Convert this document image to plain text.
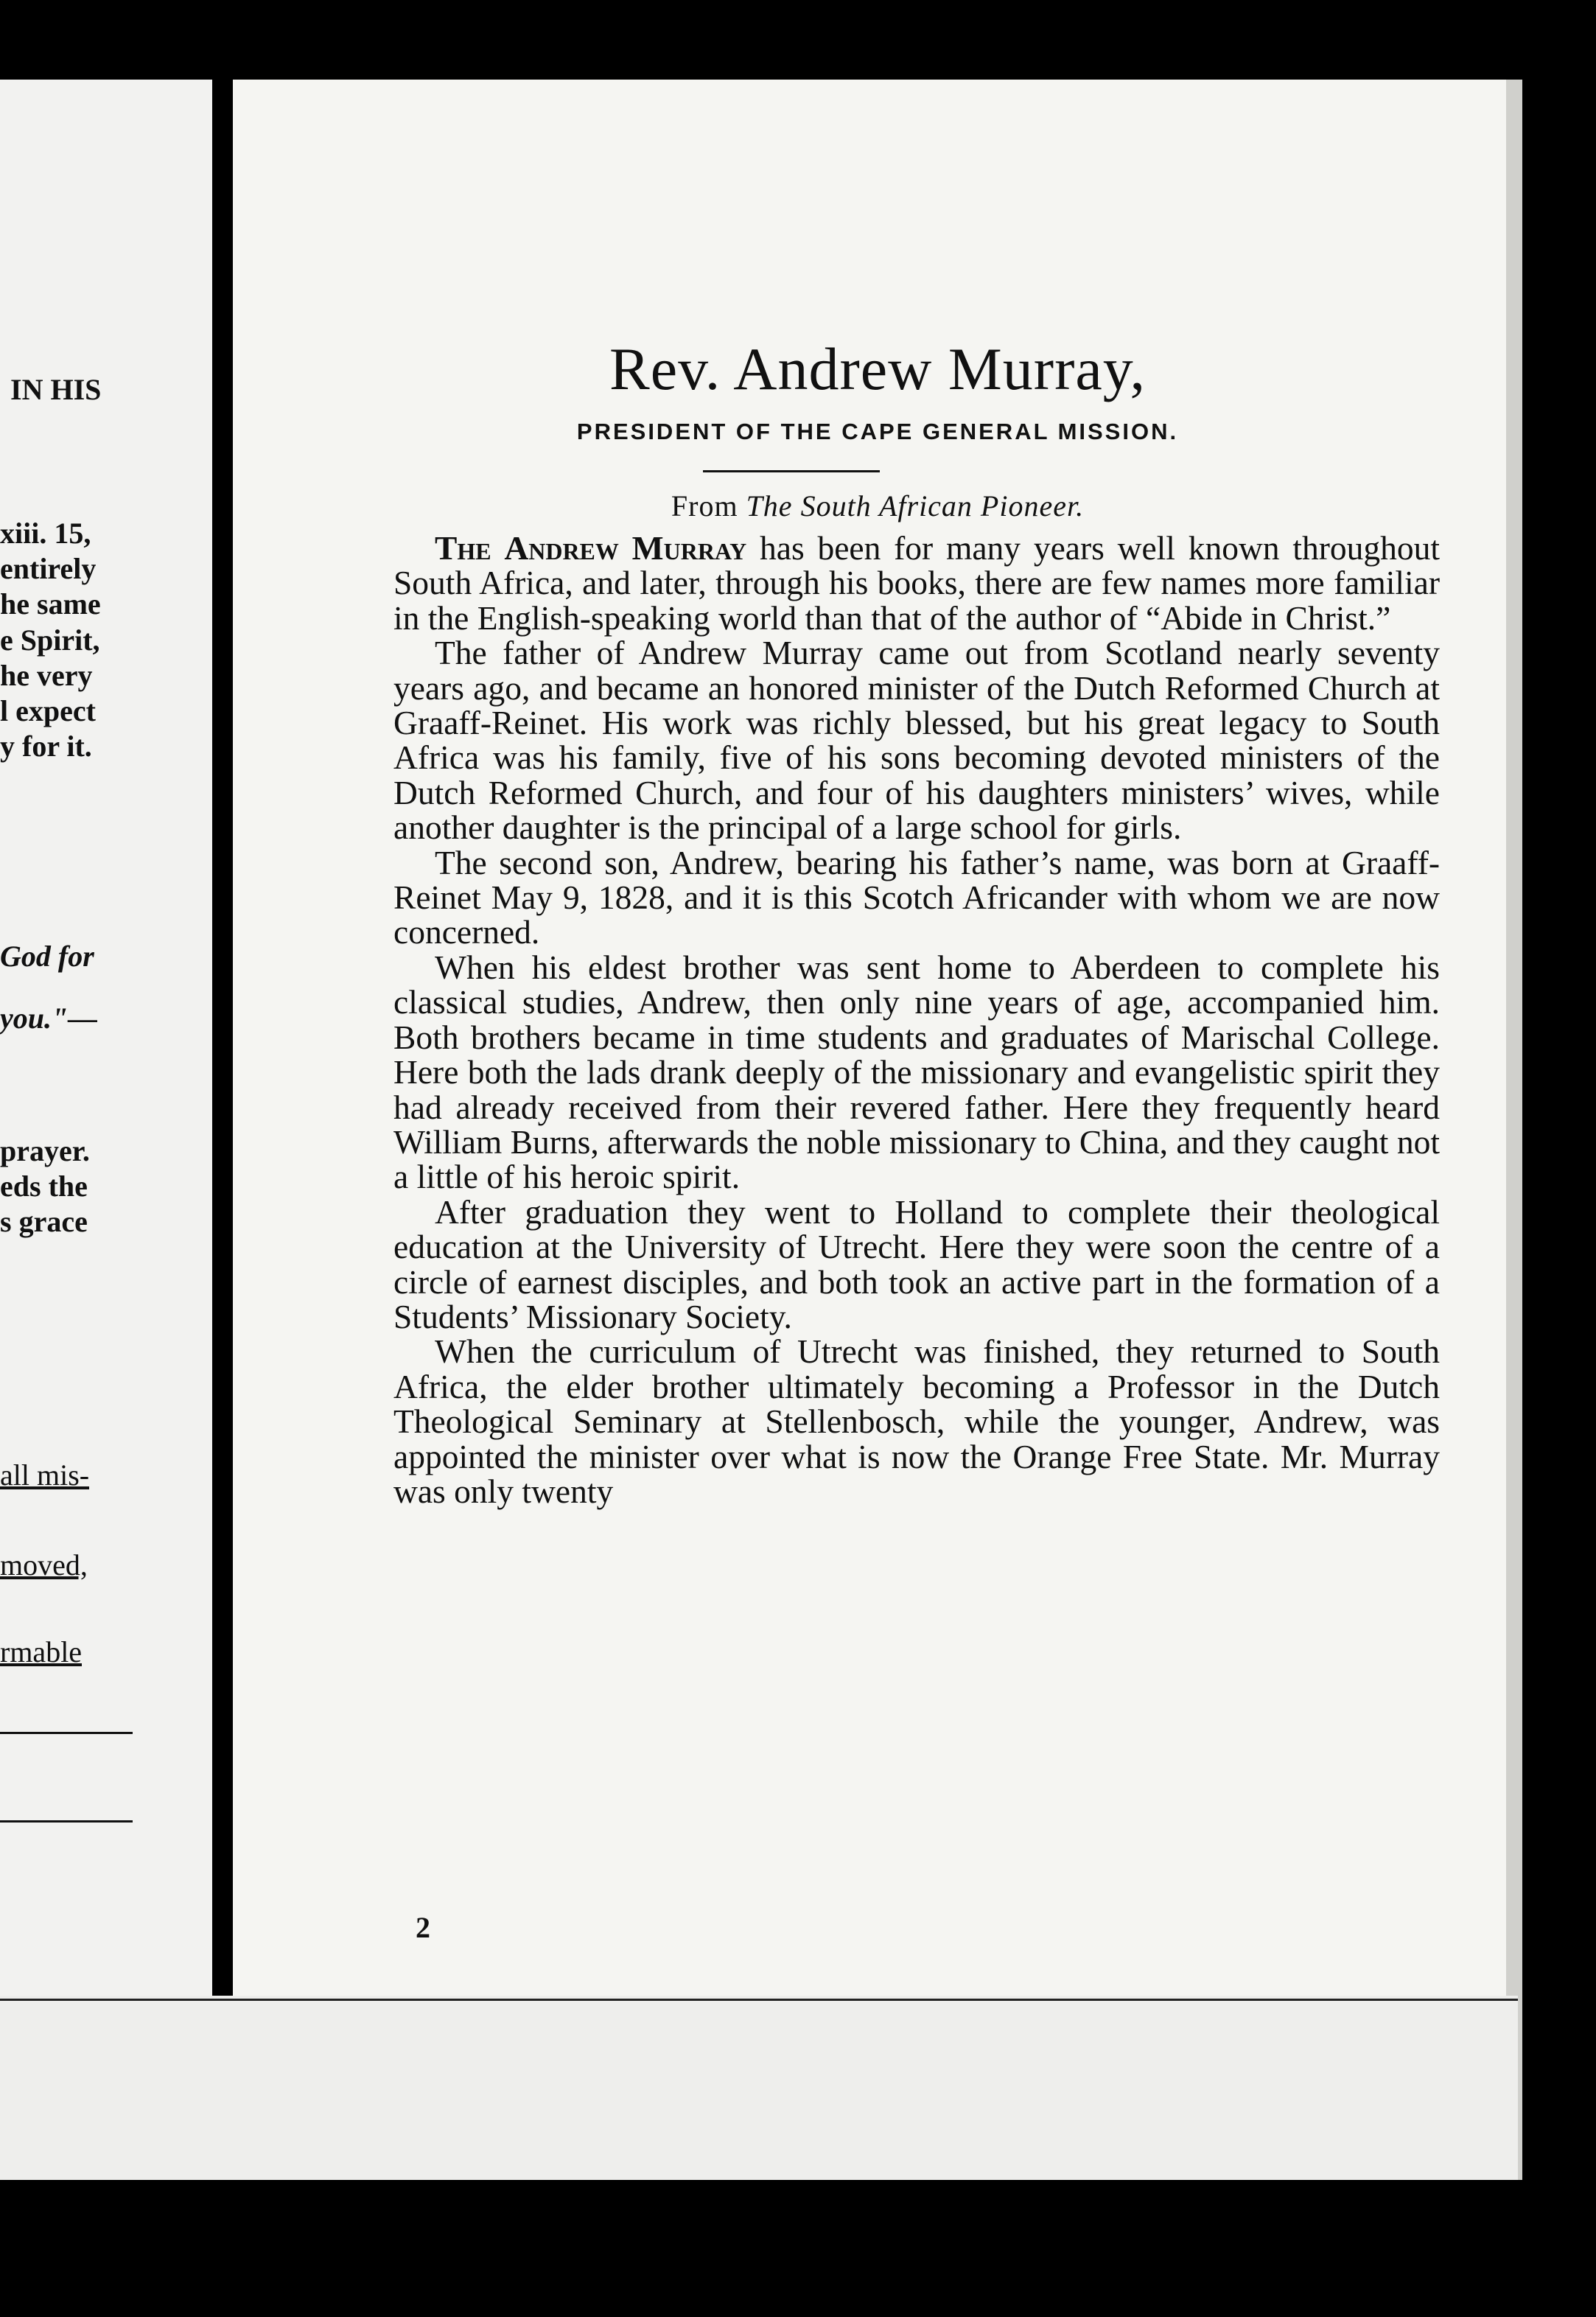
IN HIS
xiii. 15,
entirely
he same
e Spirit,
he very
l expect
y for it.
God for
you."—
prayer.
eds the
s grace
all mis-
moved,
rmable
Rev. Andrew Murray,
PRESIDENT OF THE CAPE GENERAL MISSION.
From The South African Pioneer.

The Andrew Murray has been for many years well known throughout South Africa, and later, through his books, there are few names more familiar in the English-speaking world than that of the author of “Abide in Christ.”

The father of Andrew Murray came out from Scotland nearly seventy years ago, and became an honored minister of the Dutch Reformed Church at Graaff-Reinet. His work was richly blessed, but his great legacy to South Africa was his family, five of his sons becoming devoted ministers of the Dutch Reformed Church, and four of his daughters ministers’ wives, while another daughter is the principal of a large school for girls.

The second son, Andrew, bearing his father’s name, was born at Graaff-Reinet May 9, 1828, and it is this Scotch Africander with whom we are now concerned.

When his eldest brother was sent home to Aberdeen to complete his classical studies, Andrew, then only nine years of age, accompanied him. Both brothers became in time students and graduates of Marischal College. Here both the lads drank deeply of the missionary and evangelistic spirit they had already received from their revered father. Here they frequently heard William Burns, afterwards the noble missionary to China, and they caught not a little of his heroic spirit.

After graduation they went to Holland to complete their theological education at the University of Utrecht. Here they were soon the centre of a circle of earnest disciples, and both took an active part in the formation of a Students’ Missionary Society.

When the curriculum of Utrecht was finished, they returned to South Africa, the elder brother ultimately becoming a Professor in the Dutch Theological Seminary at Stellenbosch, while the younger, Andrew, was appointed the minister over what is now the Orange Free State. Mr. Murray was only twenty

2
